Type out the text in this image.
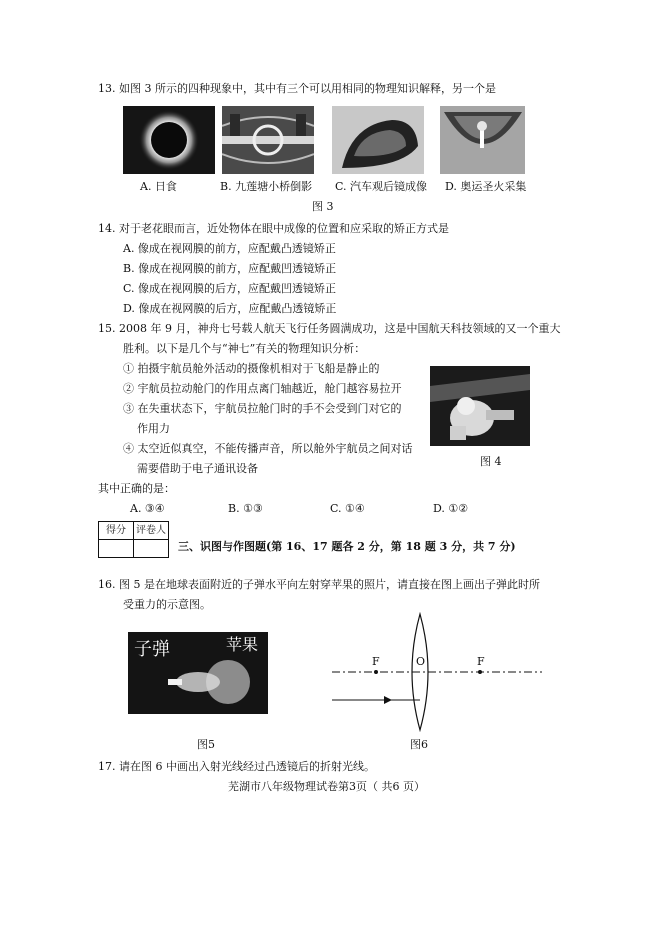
13. 如图 3 所示的四种现象中，其中有三个可以用相同的物理知识解释，另一个是
A. 日食	B. 九莲塘小桥倒影 C. 汽车观后镜成像 D. 奥运圣火采集
图 3
14. 对于老花眼而言，近处物体在眼中成像的位置和应采取的矫正方式是
A. 像成在视网膜的前方，应配戴凸透镜矫正
B. 像成在视网膜的前方，应配戴凹透镜矫正
C. 像成在视网膜的后方，应配戴凹透镜矫正
D. 像成在视网膜的后方，应配戴凸透镜矫正
15. 2008 年 9 月，神舟七号载人航天飞行任务圆满成功，这是中国航天科技领域的又一个重大
胜利。以下是几个与“神七”有关的物理知识分析：
① 拍摄宇航员舱外活动的摄像机相对于飞船是静止的
② 宇航员拉动舱门的作用点离门轴越近，舱门越容易拉开
③ 在失重状态下，宇航员拉舱门时的手不会受到门对它的
作用力
④ 太空近似真空，不能传播声音，所以舱外宇航员之间对话
需要借助于电子通讯设备
图 4
其中正确的是：
A. ③④	B. ①③	C. ①④	D. ①②
得分	评卷人

三、识图与作图题(第 16、17 题各 2 分，第 18 题 3 分，共 7 分)
16. 图 5 是在地球表面附近的子弹水平向左射穿苹果的照片，请直接在图上画出子弹此时所
受重力的示意图。
子弹	苹果
图5
F	O	F
图6
17. 请在图 6 中画出入射光线经过凸透镜后的折射光线。
芜湖市八年级物理试卷第3页（ 共6 页）
